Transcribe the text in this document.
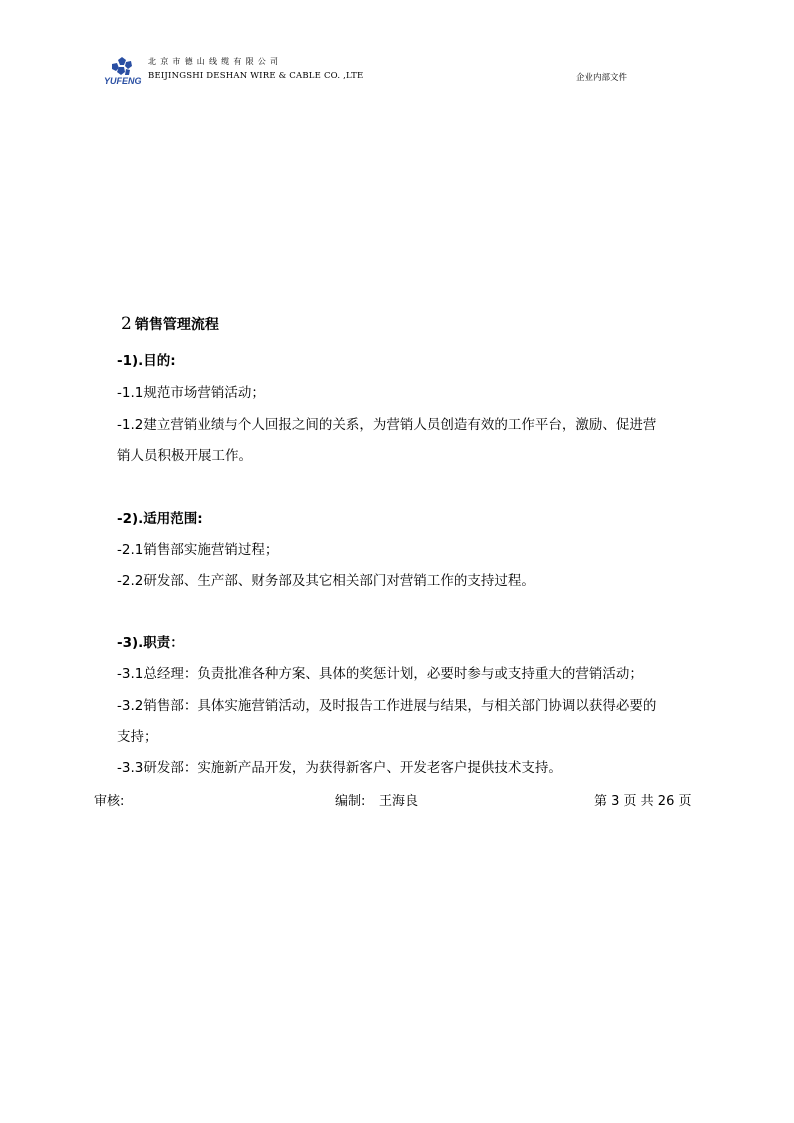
YUFENG
北京市德山线缆有限公司
BEIJINGSHI DESHAN WIRE & CABLE CO. ,LTE	企业内部文件
2 销售管理流程
-1).目的:
-1.1规范市场营销活动；
-1.2建立营销业绩与个人回报之间的关系，为营销人员创造有效的工作平台，激励、促进营
销人员积极开展工作。
-2).适用范围:
-2.1销售部实施营销过程；
-2.2研发部、生产部、财务部及其它相关部门对营销工作的支持过程。
-3).职责：
-3.1总经理：负责批准各种方案、具体的奖惩计划，必要时参与或支持重大的营销活动；
-3.2销售部：具体实施营销活动，及时报告工作进展与结果，与相关部门协调以获得必要的
支持；
-3.3研发部：实施新产品开发，为获得新客户、开发老客户提供技术支持。
审核:	编制: 王海良	第 3 页 共 26 页
